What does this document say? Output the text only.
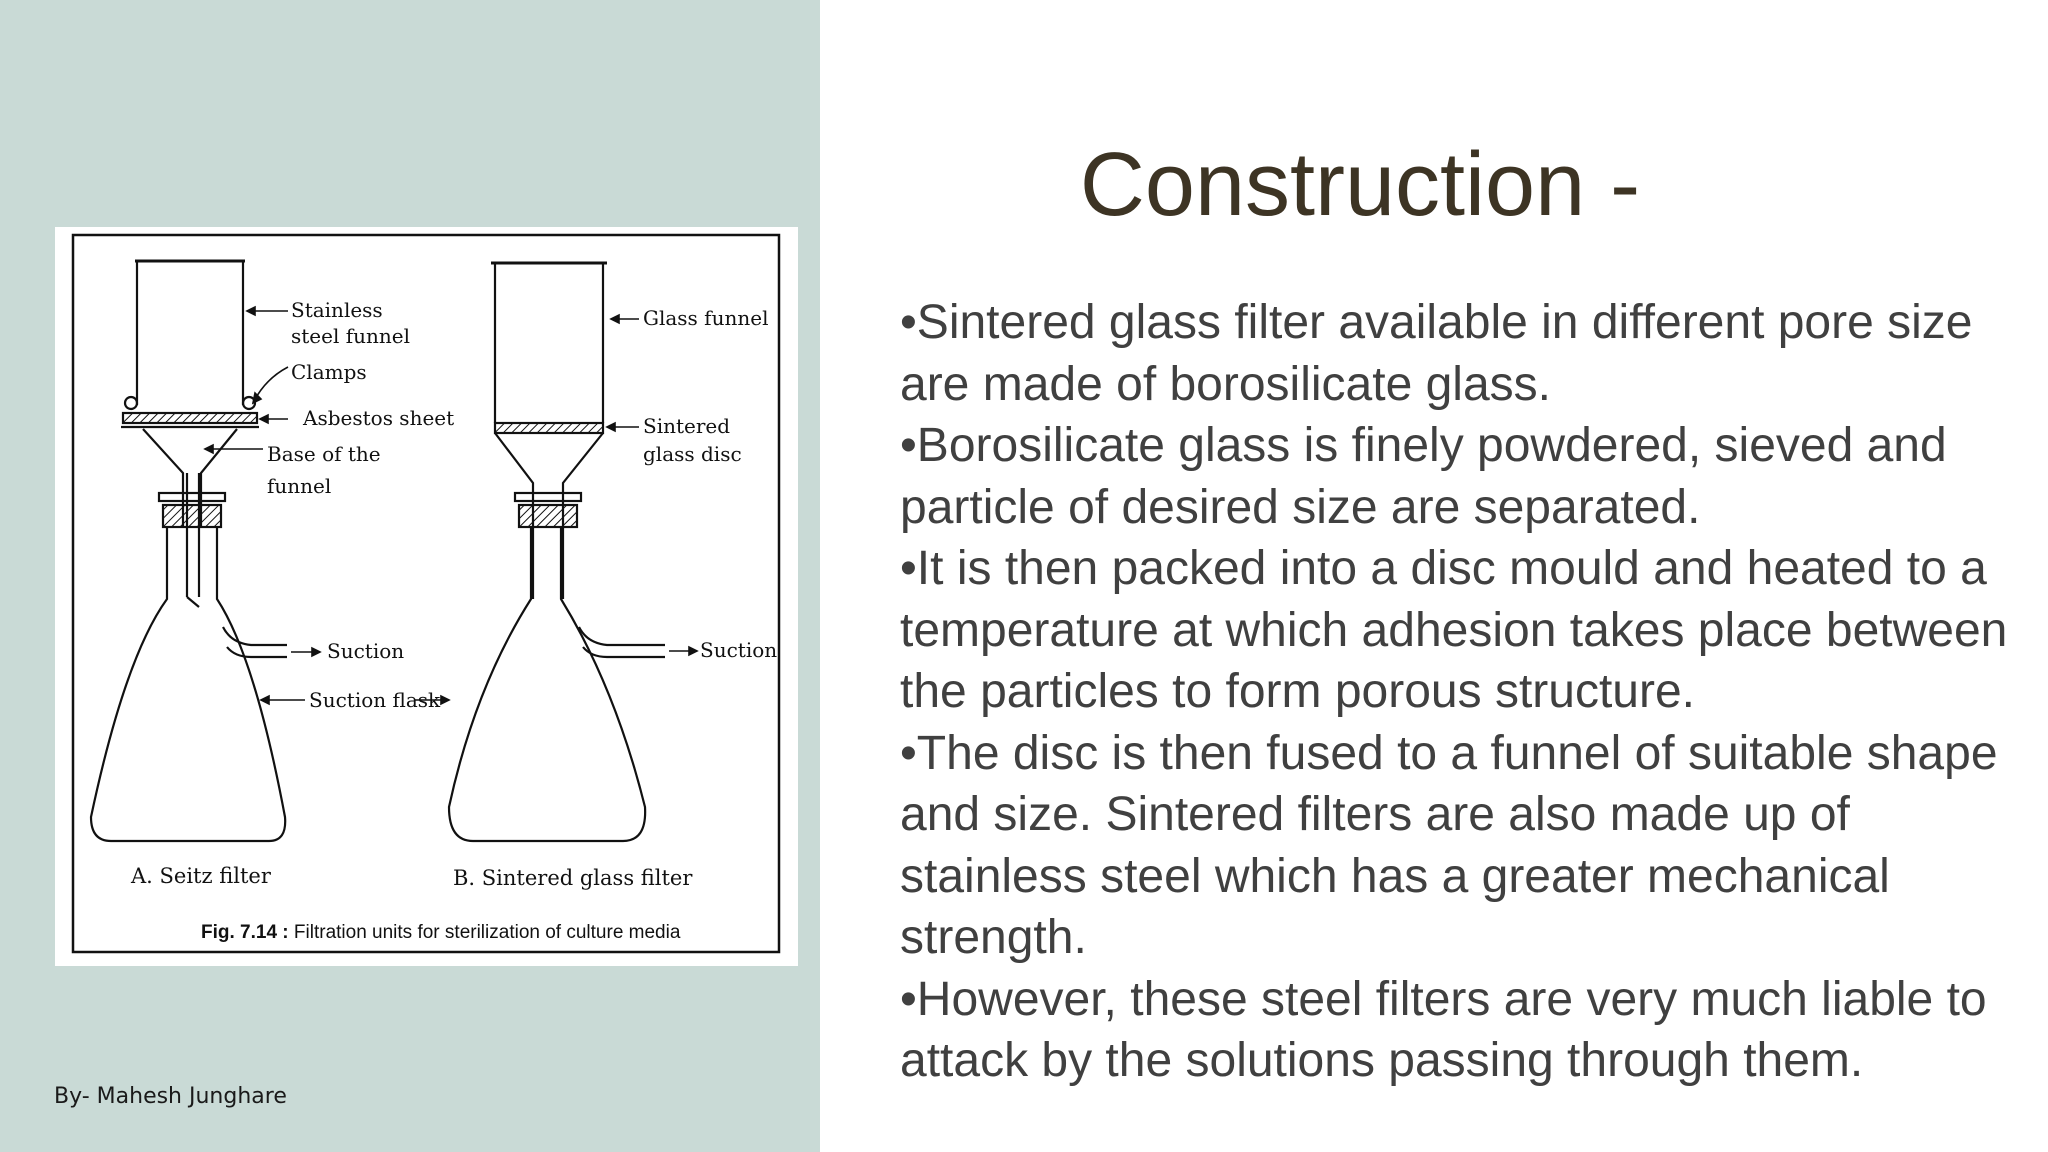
Stainless
steel funnel
Clamps
Asbestos sheet
Base of the
funnel
Suction
Suction flask
Glass funnel
Sintered
glass disc
Suction
A. Seitz filter	B. Sintered glass filter
Fig. 7.14 : Filtration units for sterilization of culture media
By- Mahesh Junghare
Construction -
•Sintered glass filter available in different pore size are made of borosilicate glass.
•Borosilicate glass is finely powdered, sieved and particle of desired size are separated.
•It is then packed into a disc mould and heated to a temperature at which adhesion takes place between the particles to form porous structure.
•The disc is then fused to a funnel of suitable shape and size. Sintered filters are also made up of stainless steel which has a greater mechanical strength.
•However, these steel filters are very much liable to attack by the solutions passing through them.
